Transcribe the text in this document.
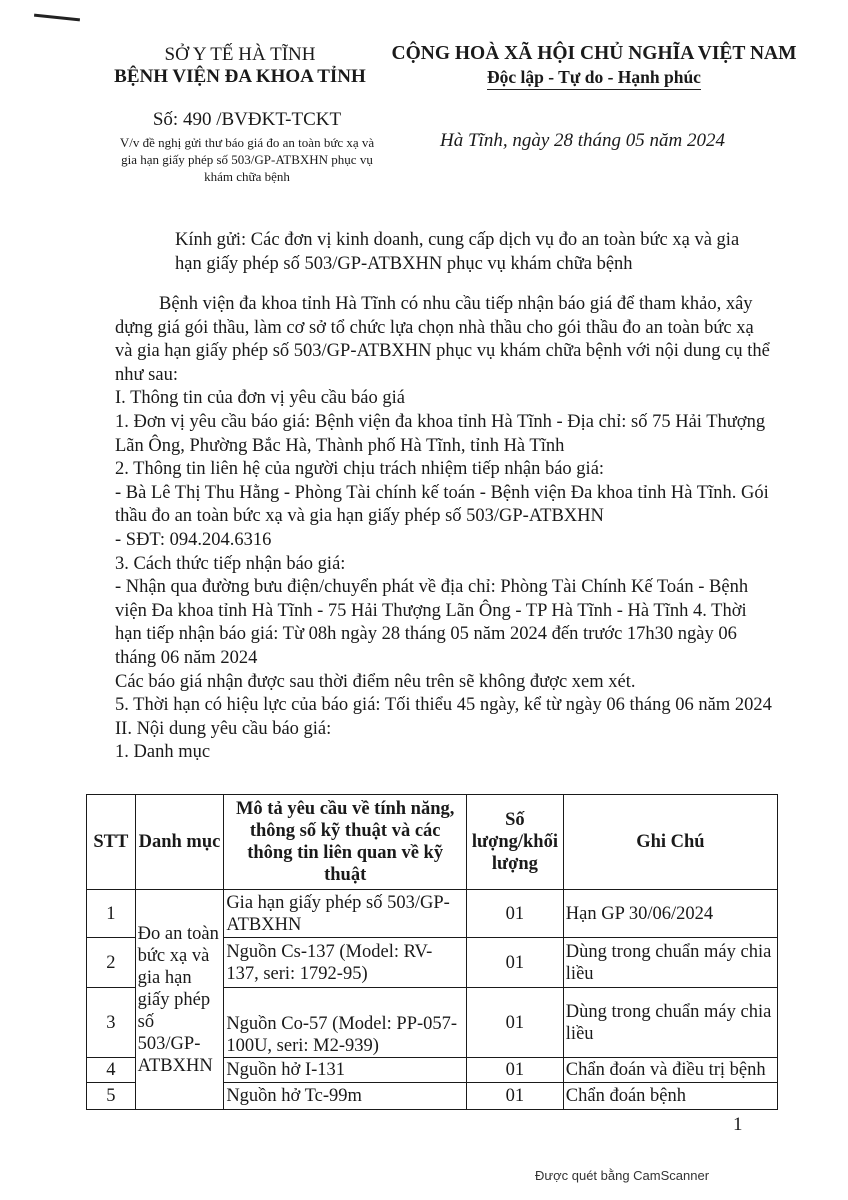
SỞ Y TẾ HÀ TĨNH
BỆNH VIỆN ĐA KHOA TỈNH
CỘNG HOÀ XÃ HỘI CHỦ NGHĨA VIỆT NAM
Độc lập - Tự do - Hạnh phúc
Số: 490 /BVĐKT-TCKT
V/v đề nghị gửi thư báo giá đo an toàn bức xạ và gia hạn giấy phép số 503/GP-ATBXHN phục vụ khám chữa bệnh
Hà Tĩnh, ngày 28 tháng 05 năm 2024
Kính gửi: Các đơn vị kinh doanh, cung cấp dịch vụ đo an toàn bức xạ và gia hạn giấy phép số 503/GP-ATBXHN phục vụ khám chữa bệnh

Bệnh viện đa khoa tỉnh Hà Tĩnh có nhu cầu tiếp nhận báo giá để tham khảo, xây dựng giá gói thầu, làm cơ sở tổ chức lựa chọn nhà thầu cho gói thầu đo an toàn bức xạ và gia hạn giấy phép số 503/GP-ATBXHN phục vụ khám chữa bệnh với nội dung cụ thể như sau:

I. Thông tin của đơn vị yêu cầu báo giá

1. Đơn vị yêu cầu báo giá: Bệnh viện đa khoa tỉnh Hà Tĩnh - Địa chỉ: số 75 Hải Thượng Lãn Ông, Phường Bắc Hà, Thành phố Hà Tĩnh, tỉnh Hà Tĩnh

2. Thông tin liên hệ của người chịu trách nhiệm tiếp nhận báo giá:

- Bà Lê Thị Thu Hằng - Phòng Tài chính kế toán - Bệnh viện Đa khoa tỉnh Hà Tĩnh. Gói thầu đo an toàn bức xạ và gia hạn giấy phép số 503/GP-ATBXHN

- SĐT: 094.204.6316

3. Cách thức tiếp nhận báo giá:

- Nhận qua đường bưu điện/chuyển phát về địa chỉ: Phòng Tài Chính Kế Toán - Bệnh viện Đa khoa tỉnh Hà Tĩnh - 75 Hải Thượng Lãn Ông - TP Hà Tĩnh - Hà Tĩnh 4. Thời hạn tiếp nhận báo giá: Từ 08h ngày 28 tháng 05 năm 2024 đến trước 17h30 ngày 06 tháng 06 năm 2024

Các báo giá nhận được sau thời điểm nêu trên sẽ không được xem xét.

5. Thời hạn có hiệu lực của báo giá: Tối thiểu 45 ngày, kể từ ngày 06 tháng 06 năm 2024

II. Nội dung yêu cầu báo giá:

1. Danh mục

STT	Danh mục	Mô tả yêu cầu về tính năng, thông số kỹ thuật và các thông tin liên quan về kỹ thuật	Số lượng/khối lượng	Ghi Chú
1	Đo an toàn bức xạ và gia hạn giấy phép số 503/GP-ATBXHN	Gia hạn giấy phép số 503/GP-ATBXHN	01	Hạn GP 30/06/2024
2		Nguồn Cs-137 (Model: RV-137, seri: 1792-95)	01	Dùng trong chuẩn máy chia liều
3		Nguồn Co-57 (Model: PP-057-100U, seri: M2-939)	01	Dùng trong chuẩn máy chia liều
4		Nguồn hở I-131	01	Chẩn đoán và điều trị bệnh
5		Nguồn hở Tc-99m	01	Chẩn đoán bệnh
1
Được quét bằng CamScanner
